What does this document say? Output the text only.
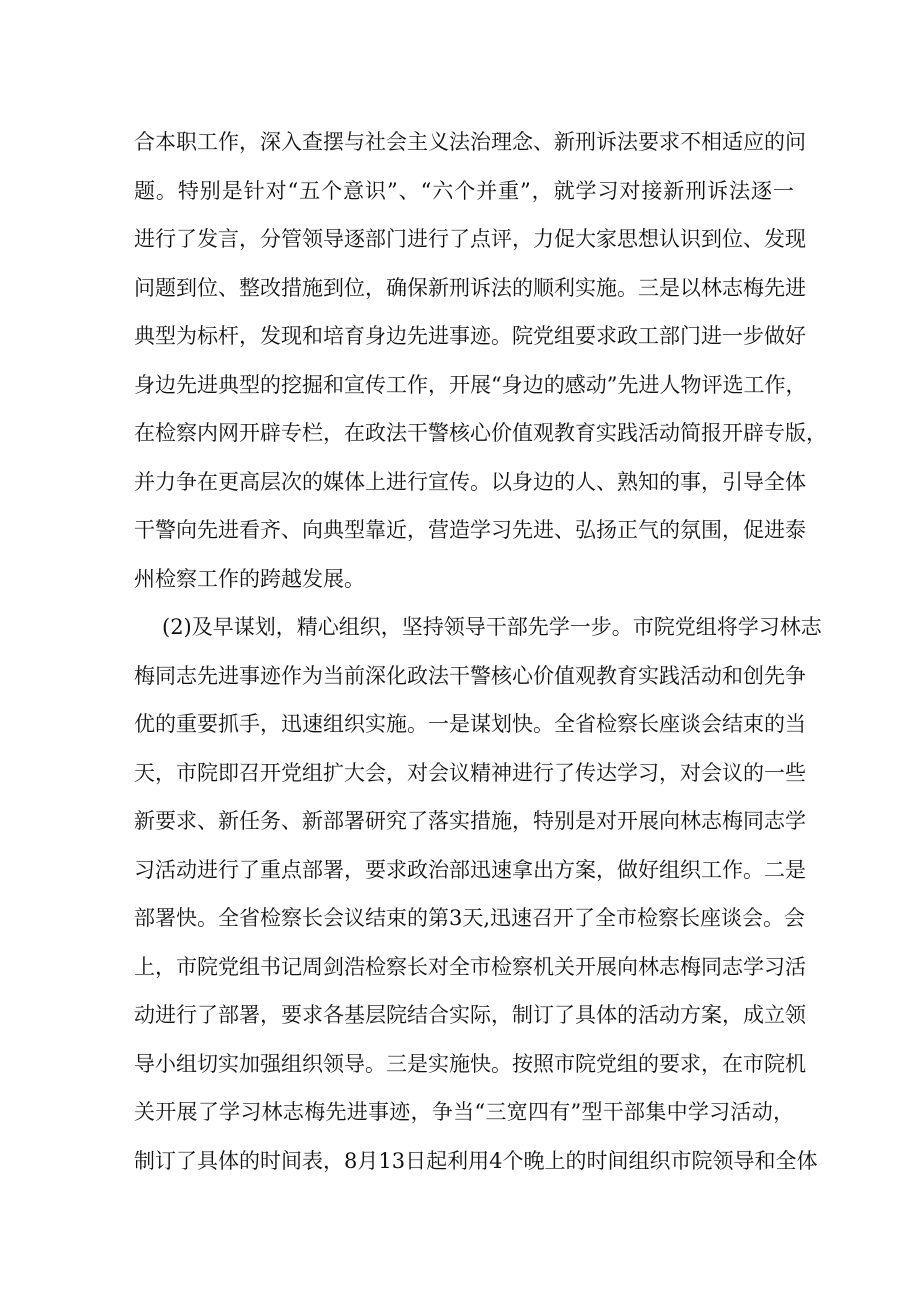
合本职工作，深入查摆与社会主义法治理念、新刑诉法要求不相适应的问
题。特别是针对“五个意识”、“六个并重”，就学习对接新刑诉法逐一
进行了发言，分管领导逐部门进行了点评，力促大家思想认识到位、发现
问题到位、整改措施到位，确保新刑诉法的顺利实施。三是以林志梅先进
典型为标杆，发现和培育身边先进事迹。院党组要求政工部门进一步做好
身边先进典型的挖掘和宣传工作，开展“身边的感动”先进人物评选工作，
在检察内网开辟专栏，在政法干警核心价值观教育实践活动简报开辟专版，
并力争在更高层次的媒体上进行宣传。以身边的人、熟知的事，引导全体
干警向先进看齐、向典型靠近，营造学习先进、弘扬正气的氛围，促进泰
州检察工作的跨越发展。
(2)及早谋划，精心组织，坚持领导干部先学一步。市院党组将学习林志
梅同志先进事迹作为当前深化政法干警核心价值观教育实践活动和创先争
优的重要抓手，迅速组织实施。一是谋划快。全省检察长座谈会结束的当
天，市院即召开党组扩大会，对会议精神进行了传达学习，对会议的一些
新要求、新任务、新部署研究了落实措施，特别是对开展向林志梅同志学
习活动进行了重点部署，要求政治部迅速拿出方案，做好组织工作。二是
部署快。全省检察长会议结束的第3天,迅速召开了全市检察长座谈会。会
上，市院党组书记周剑浩检察长对全市检察机关开展向林志梅同志学习活
动进行了部署，要求各基层院结合实际，制订了具体的活动方案，成立领
导小组切实加强组织领导。三是实施快。按照市院党组的要求，在市院机
关开展了学习林志梅先进事迹，争当“三宽四有”型干部集中学习活动，
制订了具体的时间表，8月13日起利用4个晚上的时间组织市院领导和全体
